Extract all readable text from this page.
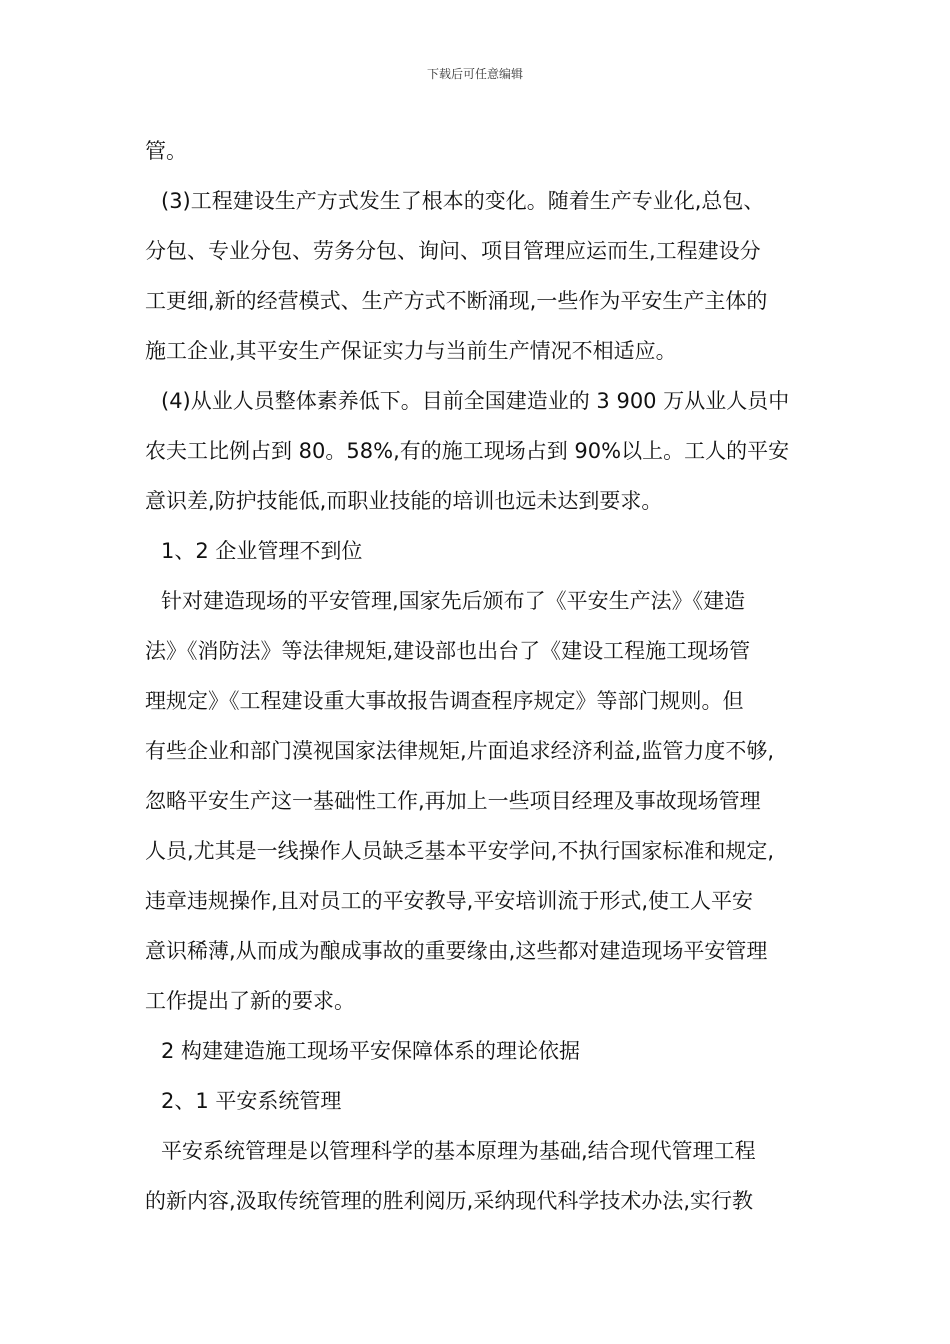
下载后可任意编辑
管。
(3)工程建设生产方式发生了根本的变化。随着生产专业化,总包、
分包、专业分包、劳务分包、询问、项目管理应运而生,工程建设分
工更细,新的经营模式、生产方式不断涌现,一些作为平安生产主体的
施工企业,其平安生产保证实力与当前生产情况不相适应。
(4)从业人员整体素养低下。目前全国建造业的 3 900 万从业人员中
农夫工比例占到 80。58%,有的施工现场占到 90%以上。工人的平安
意识差,防护技能低,而职业技能的培训也远未达到要求。
1、2 企业管理不到位
针对建造现场的平安管理,国家先后颁布了《平安生产法》《建造
法》《消防法》等法律规矩,建设部也出台了《建设工程施工现场管
理规定》《工程建设重大事故报告调查程序规定》等部门规则。但
有些企业和部门漠视国家法律规矩,片面追求经济利益,监管力度不够,
忽略平安生产这一基础性工作,再加上一些项目经理及事故现场管理
人员,尤其是一线操作人员缺乏基本平安学问,不执行国家标准和规定,
违章违规操作,且对员工的平安教导,平安培训流于形式,使工人平安
意识稀薄,从而成为酿成事故的重要缘由,这些都对建造现场平安管理
工作提出了新的要求。
2 构建建造施工现场平安保障体系的理论依据
2、1 平安系统管理
平安系统管理是以管理科学的基本原理为基础,结合现代管理工程
的新内容,汲取传统管理的胜利阅历,采纳现代科学技术办法,实行教
